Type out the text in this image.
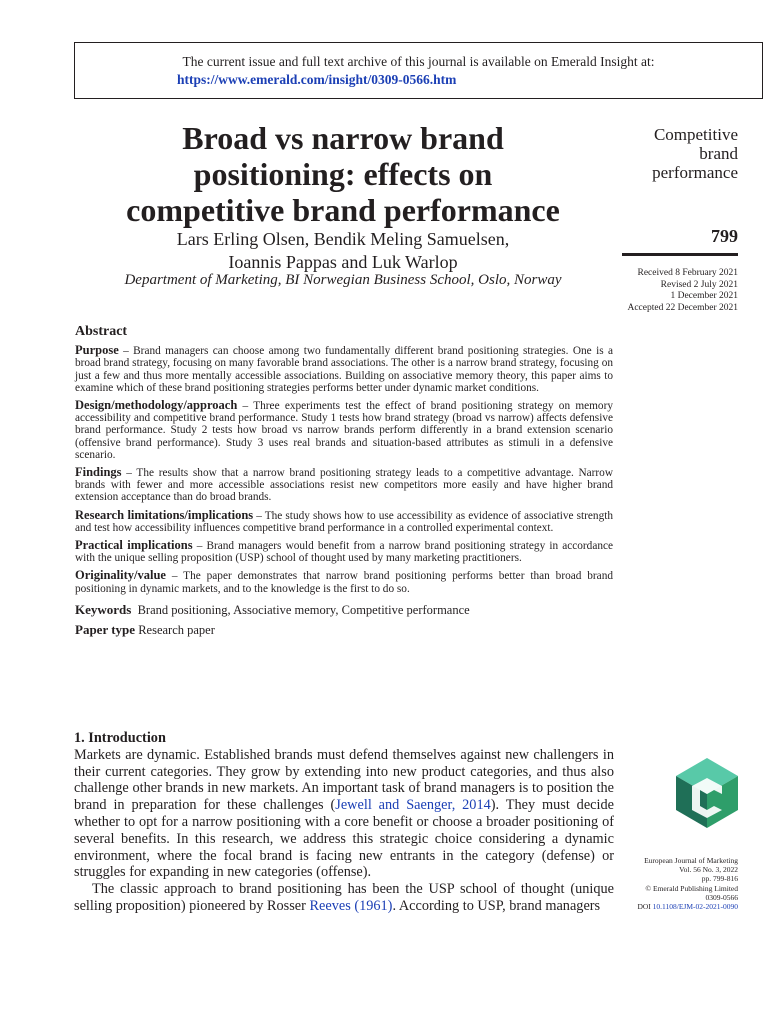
The current issue and full text archive of this journal is available on Emerald Insight at:
https://www.emerald.com/insight/0309-0566.htm
Broad vs narrow brand
positioning: effects on
competitive brand performance
Lars Erling Olsen, Bendik Meling Samuelsen,
Ioannis Pappas and Luk Warlop
Department of Marketing, BI Norwegian Business School, Oslo, Norway
Competitive
brand
performance
799
Received 8 February 2021
Revised 2 July 2021
1 December 2021
Accepted 22 December 2021
Abstract

Purpose – Brand managers can choose among two fundamentally different brand positioning strategies. One is a broad brand strategy, focusing on many favorable brand associations. The other is a narrow brand strategy, focusing on just a few and thus more mentally accessible associations. Building on associative memory theory, this paper aims to examine which of these brand positioning strategies performs better under dynamic market conditions.

Design/methodology/approach – Three experiments test the effect of brand positioning strategy on memory accessibility and competitive brand performance. Study 1 tests how brand strategy (broad vs narrow) affects defensive brand performance. Study 2 tests how broad vs narrow brands perform differently in a brand extension scenario (offensive brand performance). Study 3 uses real brands and situation-based attributes as stimuli in a defensive scenario.

Findings – The results show that a narrow brand positioning strategy leads to a competitive advantage. Narrow brands with fewer and more accessible associations resist new competitors more easily and have higher brand extension acceptance than do broad brands.

Research limitations/implications – The study shows how to use accessibility as evidence of associative strength and test how accessibility influences competitive brand performance in a controlled experimental context.

Practical implications – Brand managers would benefit from a narrow brand positioning strategy in accordance with the unique selling proposition (USP) school of thought used by many marketing practitioners.

Originality/value – The paper demonstrates that narrow brand positioning performs better than broad brand positioning in dynamic markets, and to the knowledge is the first to do so.

Keywords Brand positioning, Associative memory, Competitive performance
Paper type Research paper
1. Introduction

Markets are dynamic. Established brands must defend themselves against new challengers in their current categories. They grow by extending into new product categories, and thus also challenge other brands in new markets. An important task of brand managers is to position the brand in preparation for these challenges (Jewell and Saenger, 2014). They must decide whether to opt for a narrow positioning with a core benefit or choose a broader positioning of several benefits. In this research, we address this strategic choice considering a dynamic environment, where the focal brand is facing new entrants in the category (defense) or struggles for expanding in new categories (offense).

The classic approach to brand positioning has been the USP school of thought (unique selling proposition) pioneered by Rosser Reeves (1961). According to USP, brand managers

European Journal of Marketing
Vol. 56 No. 3, 2022
pp. 799-816
© Emerald Publishing Limited
0309-0566
DOI 10.1108/EJM-02-2021-0090
